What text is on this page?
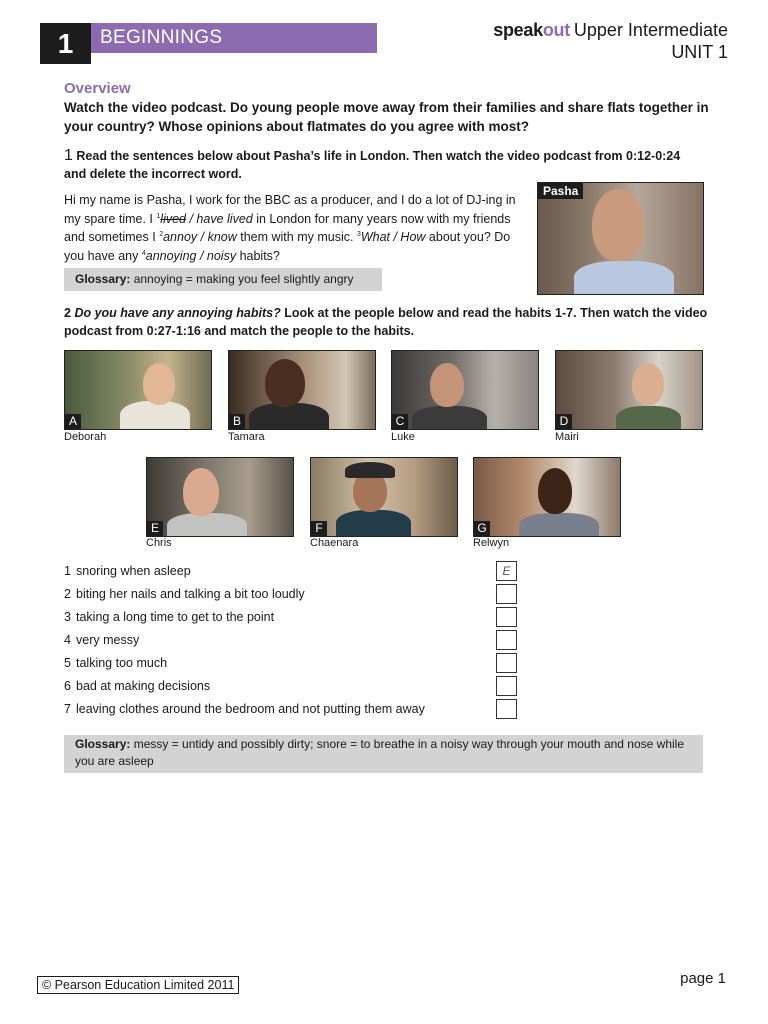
1	BEGINNINGS	speakout Upper Intermediate
UNIT 1
Overview
Watch the video podcast. Do young people move away from their families and share flats together in your country? Whose opinions about flatmates do you agree with most?
1 Read the sentences below about Pasha’s life in London. Then watch the video podcast from 0:12-0:24 and delete the incorrect word.
Hi my name is Pasha, I work for the BBC as a producer, and I do a lot of DJ-ing in my spare time. I $^1$lived / have lived in London for many years now with my friends and sometimes I $^2$annoy / know them with my music. $^3$What / How about you? Do you have any $^4$annoying / noisy habits?
Glossary: annoying = making you feel slightly angry
Pasha
2 Do you have any annoying habits? Look at the people below and read the habits 1-7. Then watch the video podcast from 0:27-1:16 and match the people to the habits.
A
Deborah
B
Tamara
C
Luke
D
Mairi
E
Chris
F
Chaenara
G
Relwyn
1 snoring when asleep	E
2 biting her nails and talking a bit too loudly
3 taking a long time to get to the point
4 very messy
5 talking too much
6 bad at making decisions
7 leaving clothes around the bedroom and not putting them away
Glossary: messy = untidy and possibly dirty; snore = to breathe in a noisy way through your mouth and nose while you are asleep
© Pearson Education Limited 2011	page 1
